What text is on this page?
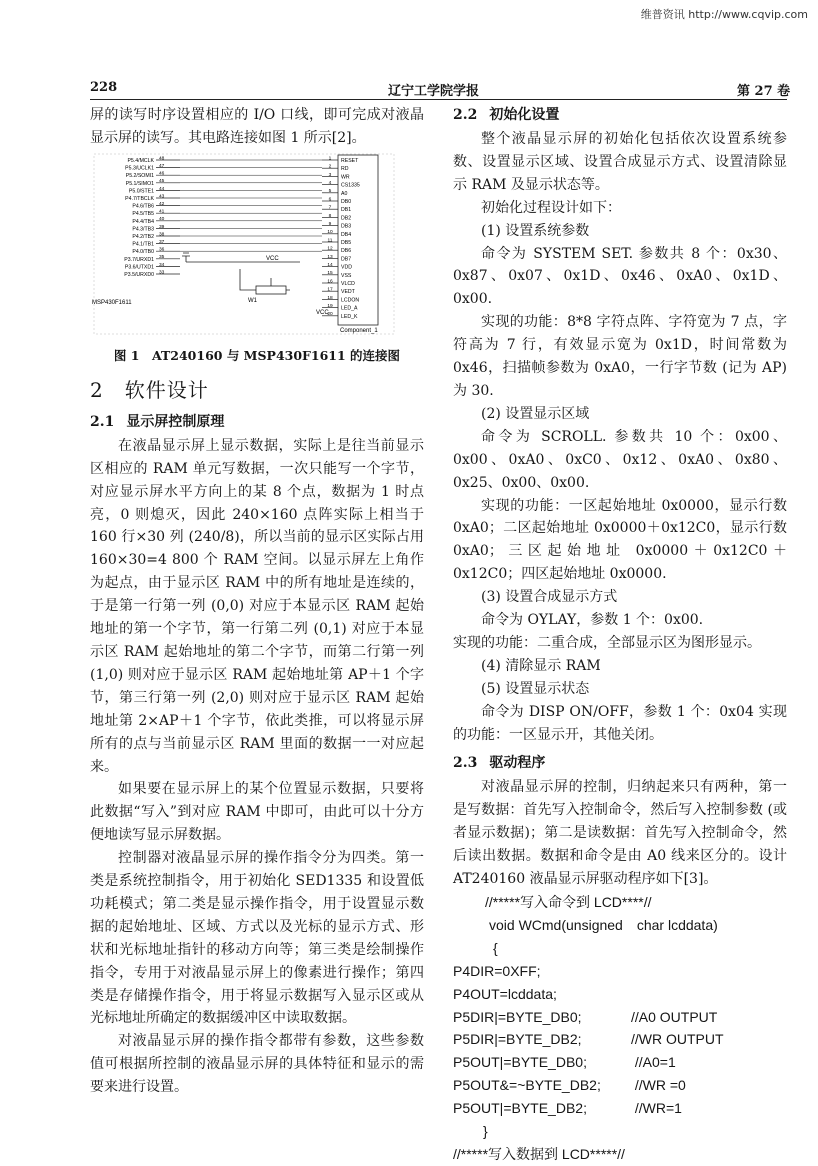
维普资讯 http://www.cqvip.com
228	辽宁工学院学报	第 27 卷

屏的读写时序设置相应的 I/O 口线，即可完成对液晶显示屏的读写。其电路连接如图 1 所示[2]。

P5.4/MCLK 48
P5.3/UCLK1 47
P5.2/SOMI1 46
P5.1/SIMO1 45
P5.0/STE1 44
P4.7/TBCLK 43
P4.6/TB6 42
P4.5/TB5 41
P4.4/TB4 40
P4.3/TB3 39
P4.2/TB2 38
P4.1/TB1 37
P4.0/TB0 36
P3.7/URXD1 35
P3.6/UTXD1 34
P3.5/URXD0 33
1 RESET
2 RD
3 WR
4 CS1335
5 A0
6 DB0
7 DB1
8 DB2
9 DB3
10 DB4
11 DB5
12 DB6
13 DB7
14 VDD
15 VSS
16 VLCD
17 VEDT
18 LCDON
19 LED_A
20 LED_K
MSP430F1611
VCC
W1
VCC
Component_1
图 1　AT240160 与 MSP430F1611 的连接图
2　软件设计
2.1 显示屏控制原理

在液晶显示屏上显示数据，实际上是往当前显示区相应的 RAM 单元写数据，一次只能写一个字节，对应显示屏水平方向上的某 8 个点，数据为 1 时点亮，0 则熄灭，因此 240×160 点阵实际上相当于 160 行×30 列 (240/8)，所以当前的显示区实际占用 160×30=4 800 个 RAM 空间。以显示屏左上角作为起点，由于显示区 RAM 中的所有地址是连续的，于是第一行第一列 (0,0) 对应于本显示区 RAM 起始地址的第一个字节，第一行第二列 (0,1) 对应于本显示区 RAM 起始地址的第二个字节，而第二行第一列 (1,0) 则对应于显示区 RAM 起始地址第 AP＋1 个字节，第三行第一列 (2,0) 则对应于显示区 RAM 起始地址第 2×AP＋1 个字节，依此类推，可以将显示屏所有的点与当前显示区 RAM 里面的数据一一对应起来。

如果要在显示屏上的某个位置显示数据，只要将此数据“写入”到对应 RAM 中即可，由此可以十分方便地读写显示屏数据。

控制器对液晶显示屏的操作指令分为四类。第一类是系统控制指令，用于初始化 SED1335 和设置低功耗模式；第二类是显示操作指令，用于设置显示数据的起始地址、区域、方式以及光标的显示方式、形状和光标地址指针的移动方向等；第三类是绘制操作指令，专用于对液晶显示屏上的像素进行操作；第四类是存储操作指令，用于将显示数据写入显示区或从光标地址所确定的数据缓冲区中读取数据。

对液晶显示屏的操作指令都带有参数，这些参数值可根据所控制的液晶显示屏的具体特征和显示的需要来进行设置。

2.2 初始化设置

整个液晶显示屏的初始化包括依次设置系统参数、设置显示区域、设置合成显示方式、设置清除显示 RAM 及显示状态等。

初始化过程设计如下：

(1) 设置系统参数

命令为 SYSTEM SET. 参数共 8 个：0x30、0x87、0x07、0x1D、0x46、0xA0、0x1D、0x00.

实现的功能：8*8 字符点阵、字符宽为 7 点，字符高为 7 行，有效显示宽为 0x1D，时间常数为 0x46，扫描帧参数为 0xA0，一行字节数 (记为 AP) 为 30.

(2) 设置显示区域

命令为 SCROLL. 参数共 10 个：0x00、0x00、0xA0、0xC0、0x12、0xA0、0x80、0x25、0x00、0x00.

实现的功能：一区起始地址 0x0000，显示行数 0xA0；二区起始地址 0x0000＋0x12C0，显示行数 0xA0；三区起始地址 0x0000＋0x12C0＋0x12C0；四区起始地址 0x0000.

(3) 设置合成显示方式

命令为 OYLAY，参数 1 个：0x00.

实现的功能：二重合成，全部显示区为图形显示。

(4) 清除显示 RAM

(5) 设置显示状态

命令为 DISP ON/OFF，参数 1 个：0x04 实现的功能：一区显示开，其他关闭。

2.3 驱动程序

对液晶显示屏的控制，归纳起来只有两种，第一是写数据：首先写入控制命令，然后写入控制参数 (或者显示数据)；第二是读数据：首先写入控制命令，然后读出数据。数据和命令是由 A0 线来区分的。设计 AT240160 液晶显示屏驱动程序如下[3]。

//*****写入命令到 LCD****//
void WCmd(unsigned　char lcddata)
{
P4DIR=0XFF;
P4OUT=lcddata;
P5DIR|=BYTE_DB0;	//A0 OUTPUT
P5DIR|=BYTE_DB2;	//WR OUTPUT
P5OUT|=BYTE_DB0;	//A0=1
P5OUT&=~BYTE_DB2;	//WR =0
P5OUT|=BYTE_DB2;	//WR=1
}
//*****写入数据到 LCD*****//
